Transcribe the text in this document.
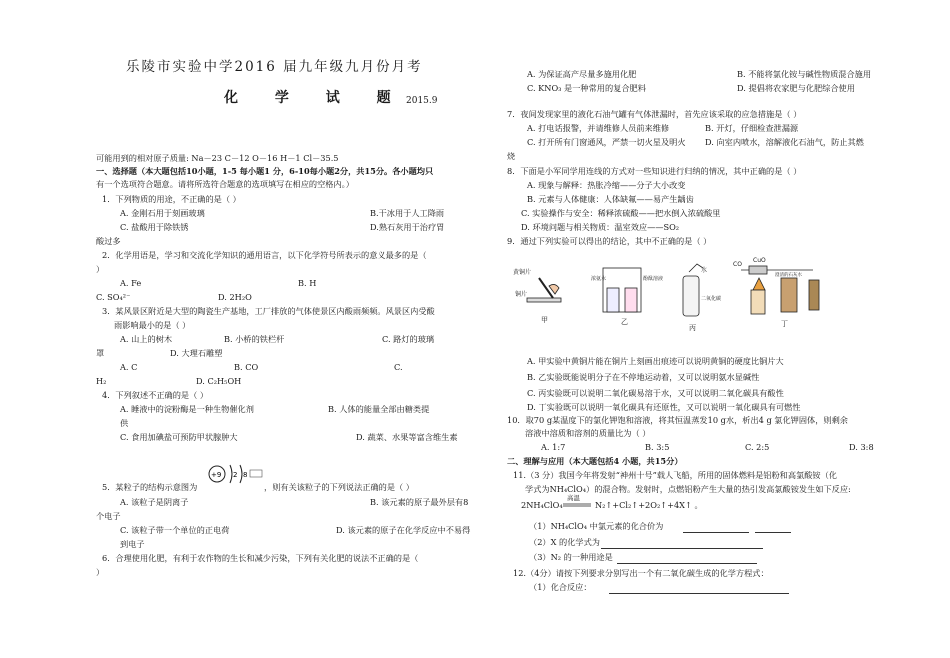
乐陵市实验中学2016 届九年级九月份月考
化 学 试 题 2015.9
可能用到的相对原子质量: Na－23 C－12 O－16 H－1 Cl－35.5
一、选择题（本大题包括10小题，1-5 每小题1 分，6-10每小题2分，共15分。各小题均只
有一个选项符合题意。请将所选符合题意的选项填写在相应的空格内。）
1．下列物质的用途，不正确的是（ ）
A. 金刚石用于刻画玻璃	B.干冰用于人工降雨
C. 盐酸用于除铁锈	D.熟石灰用于治疗胃
酸过多
2．化学用语是，学习和交流化学知识的通用语言，以下化学符号所表示的意义最多的是（
）
A. Fe	B. H
C. SO₄²⁻	D. 2H₂O
3．某风景区附近是大型的陶瓷生产基地，工厂排放的气体使景区内酸雨频频。风景区内受酸
雨影响最小的是（ ）
A. 山上的树木	B. 小桥的铁栏杆	C. 路灯的玻璃
罩	D. 大理石雕塑
A. C	B. CO	C.
H₂	D. C₂H₅OH
4．下列叙述不正确的是（ ）
A. 睡液中的淀粉酶是一种生物催化剂	B. 人体的能量全部由糖类提
供
C. 食用加碘盐可预防甲状腺肿大	D. 蔬菜、水果等富含维生素
+9 2 8
5．某粒子的结构示意图为	，则有关该粒子的下列说法正确的是（ ）
A. 该粒子是阴离子	B. 该元素的原子最外层有8
个电子
C. 该粒子带一个单位的正电荷	D. 该元素的原子在化学反应中不易得
到电子
6．合理使用化肥，有利于农作物的生长和减少污染，下列有关化肥的说法不正确的是（
）
A. 为保证高产尽量多施用化肥	B. 不能将氯化铵与碱性物质混合施用
C. KNO₃ 是一种常用的复合肥料	D. 提倡将农家肥与化肥综合使用
7．夜间发现家里的液化石油气罐有气体泄漏时，首先应该采取的应急措施是（ ）
A. 打电话报警，并请维修人员前来维修	B. 开灯，仔细检查泄漏源
C. 打开所有门窗通风，严禁一切火星及明火 D. 向室内喷水，溶解液化石油气，防止其燃
烧
8．下面是小军同学用连线的方式对一些知识进行归纳的情况，其中正确的是（ ）
A. 现象与解释：热胀冷缩——分子大小改变
B. 元素与人体健康：人体缺氟——易产生龋齿
C. 实验操作与安全：稀释浓硫酸——把水倒入浓硫酸里
D. 环境问题与相关物质：温室效应——SO₂
9．通过下列实验可以得出的结论，其中不正确的是（ ）
黄铜片
铜片
甲
浓氨水	酚酞溶液
乙
水
二氧化碳
丙
CO
CuO
澄清的石灰水
丁
A. 甲实验中黄铜片能在铜片上刻画出痕迹可以说明黄铜的硬度比铜片大
B. 乙实验既能说明分子在不停地运动着，又可以说明氨水显碱性
C. 丙实验既可以说明二氧化碳易溶于水，又可以说明二氧化碳具有酸性
D. 丁实验既可以说明一氧化碳具有还原性，又可以说明一氧化碳具有可燃性
10．取70 g某温度下的氯化钾饱和溶液，将其恒温蒸发10 g水，析出4 g 氯化钾固体，则剩余
溶液中溶质和溶剂的质量比为（ ）
A. 1:7	B. 3:5	C. 2:5	D. 3:8
二、理解与应用（本大题包括4 小题，共15分）
11.（3 分）我国今年将发射“神州十号”载人飞船，所用的固体燃料是铝粉和高氯酸铵（化
学式为NH₄ClO₄）的混合物。发射时，点燃铝粉产生大量的热引发高氯酸铵发生如下反应:
2NH₄ClO₄
高温
N₂↑+Cl₂↑+2O₂↑+4X↑ 。
（1）NH₄ClO₄ 中氯元素的化合价为
（2）X 的化学式为
（3）N₂ 的一种用途是
12.（4分）请按下列要求分别写出一个有二氧化碳生成的化学方程式：
（1）化合反应：
